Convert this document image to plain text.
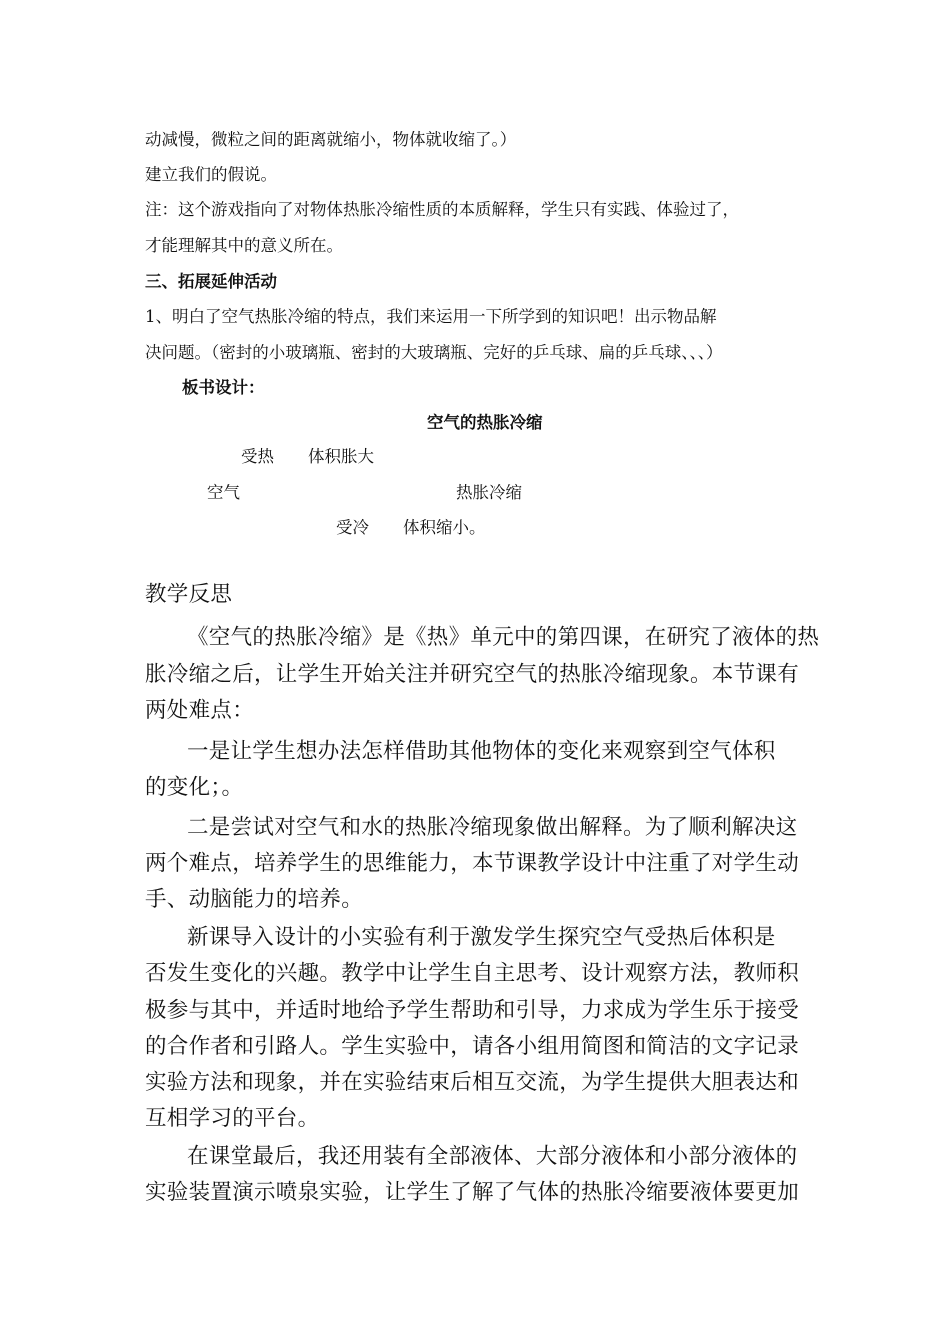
动减慢，微粒之间的距离就缩小，物体就收缩了。）
建立我们的假说。
注：这个游戏指向了对物体热胀冷缩性质的本质解释，学生只有实践、体验过了，
才能理解其中的意义所在。
三、拓展延伸活动
1、明白了空气热胀冷缩的特点，我们来运用一下所学到的知识吧！出示物品解
决问题。（密封的小玻璃瓶、密封的大玻璃瓶、完好的乒乓球、扁的乒乓球、、、）
板书设计：
空气的热胀冷缩
受热 体积胀大
空气	热胀冷缩
受冷 体积缩小。
教学反思
《空气的热胀冷缩》是《热》单元中的第四课，在研究了液体的热
胀冷缩之后，让学生开始关注并研究空气的热胀冷缩现象。本节课有
两处难点：
一是让学生想办法怎样借助其他物体的变化来观察到空气体积
的变化；。
二是尝试对空气和水的热胀冷缩现象做出解释。为了顺利解决这
两个难点，培养学生的思维能力，本节课教学设计中注重了对学生动
手、动脑能力的培养。
新课导入设计的小实验有利于激发学生探究空气受热后体积是
否发生变化的兴趣。教学中让学生自主思考、设计观察方法，教师积
极参与其中，并适时地给予学生帮助和引导，力求成为学生乐于接受
的合作者和引路人。学生实验中，请各小组用简图和简洁的文字记录
实验方法和现象，并在实验结束后相互交流，为学生提供大胆表达和
互相学习的平台。
在课堂最后，我还用装有全部液体、大部分液体和小部分液体的
实验装置演示喷泉实验，让学生了解了气体的热胀冷缩要液体要更加
